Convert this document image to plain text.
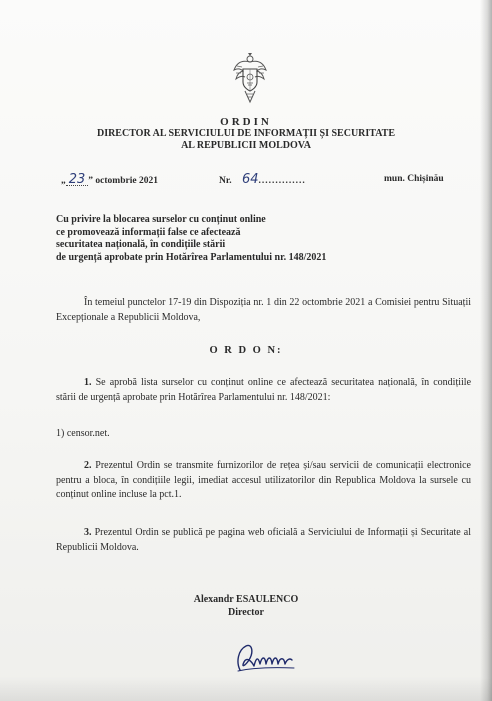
ORDIN
DIRECTOR AL SERVICIULUI DE INFORMAȚII ȘI SECURITATE
AL REPUBLICII MOLDOVA
„ 23 ” octombrie 2021	Nr. 64..............	mun. Chișinău
Cu privire la blocarea surselor cu conținut online
ce promovează informații false ce afectează
securitatea națională, în condițiile stării
de urgență aprobate prin Hotărîrea Parlamentului nr. 148/2021
În temeiul punctelor 17-19 din Dispoziția nr. 1 din 22 octombrie 2021 a Comisiei pentru Situații Excepționale a Republicii Moldova,
O R D O N:
1. Se aprobă lista surselor cu conținut online ce afectează securitatea națională, în condițiile stării de urgență aprobate prin Hotărîrea Parlamentului nr. 148/2021:
1) censor.net.
2. Prezentul Ordin se transmite furnizorilor de rețea și/sau servicii de comunicații electronice pentru a bloca, în condițiile legii, imediat accesul utilizatorilor din Republica Moldova la sursele cu conținut online incluse la pct.1.
3. Prezentul Ordin se publică pe pagina web oficială a Serviciului de Informații și Securitate al Republicii Moldova.
Alexandr ESAULENCO
Director
